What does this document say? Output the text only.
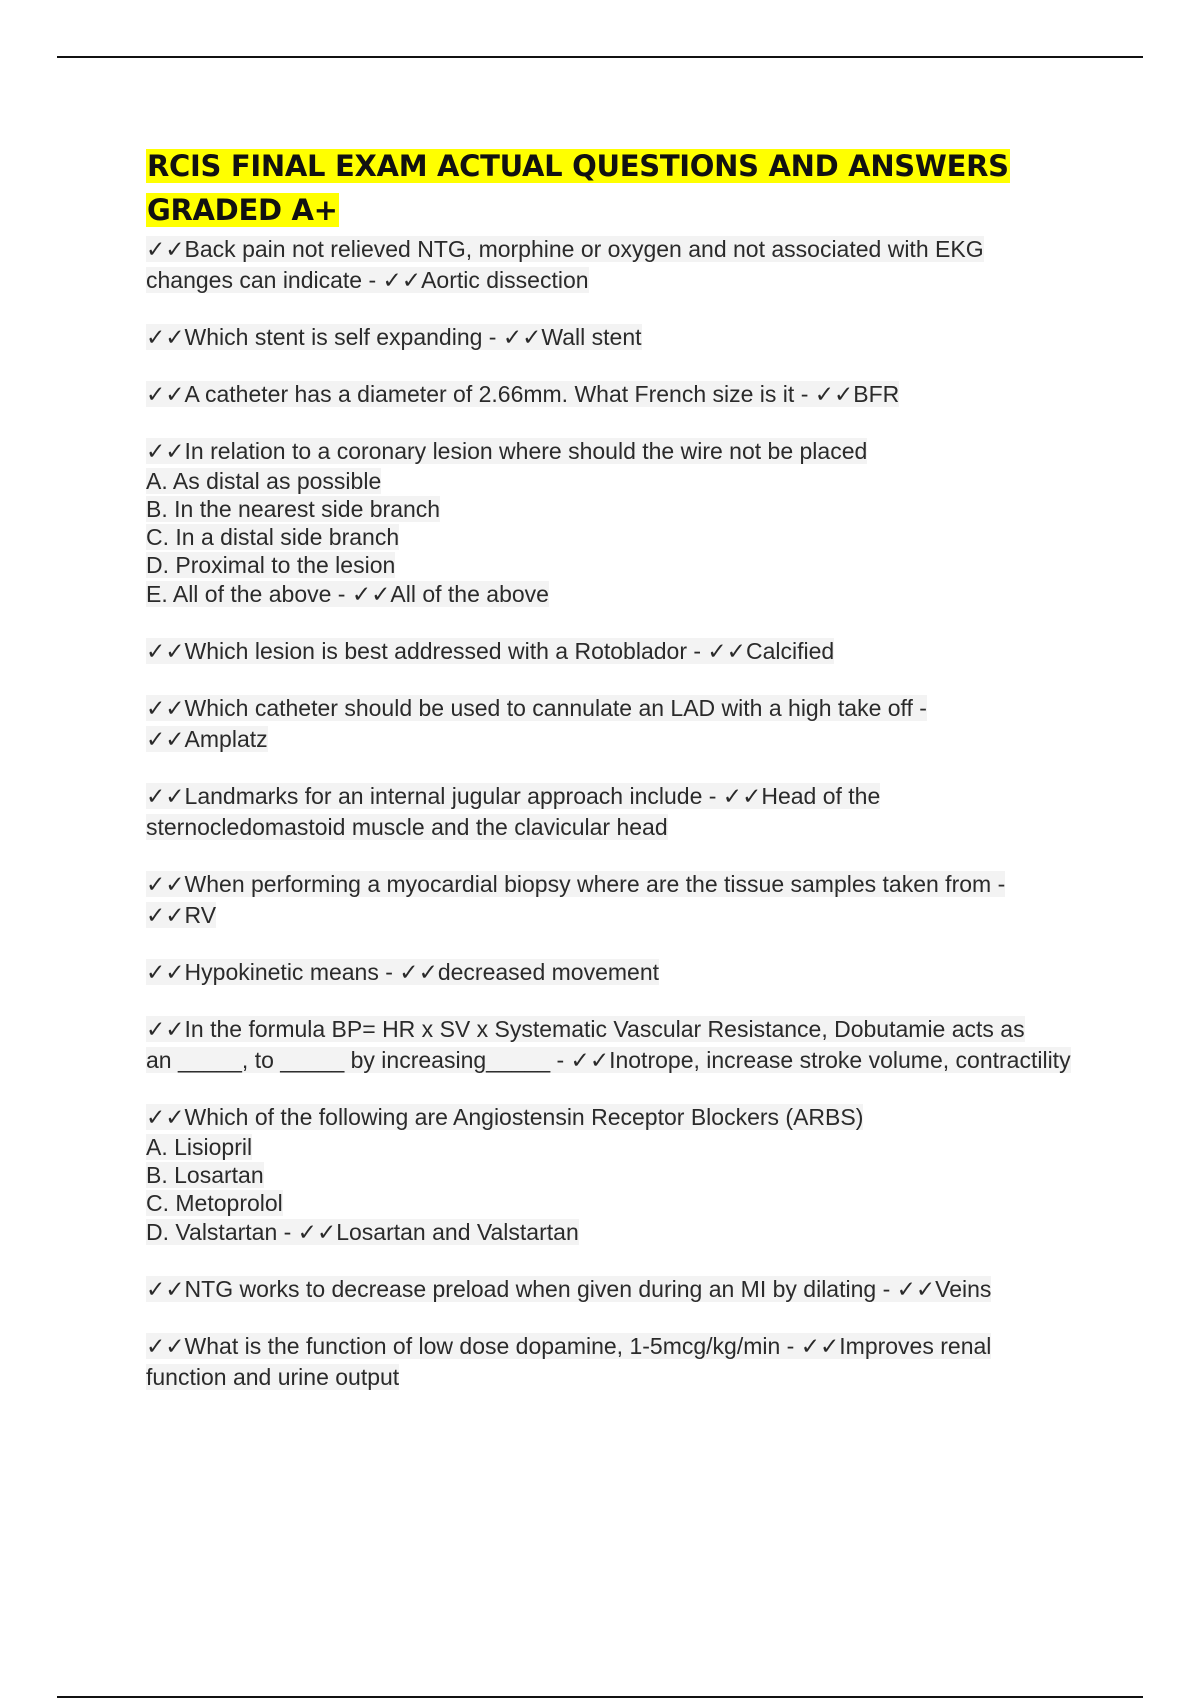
RCIS FINAL EXAM ACTUAL QUESTIONS AND ANSWERS
GRADED A+
✓✓Back pain not relieved NTG, morphine or oxygen and not associated with EKG
changes can indicate - ✓✓Aortic dissection
✓✓Which stent is self expanding - ✓✓Wall stent
✓✓A catheter has a diameter of 2.66mm. What French size is it - ✓✓BFR
✓✓In relation to a coronary lesion where should the wire not be placed
A. As distal as possible
B. In the nearest side branch
C. In a distal side branch
D. Proximal to the lesion
E. All of the above - ✓✓All of the above
✓✓Which lesion is best addressed with a Rotoblador - ✓✓Calcified
✓✓Which catheter should be used to cannulate an LAD with a high take off -
✓✓Amplatz
✓✓Landmarks for an internal jugular approach include - ✓✓Head of the
sternocledomastoid muscle and the clavicular head
✓✓When performing a myocardial biopsy where are the tissue samples taken from -
✓✓RV
✓✓Hypokinetic means - ✓✓decreased movement
✓✓In the formula BP= HR x SV x Systematic Vascular Resistance, Dobutamie acts as
an _____, to _____ by increasing_____ - ✓✓Inotrope, increase stroke volume, contractility
✓✓Which of the following are Angiostensin Receptor Blockers (ARBS)
A. Lisiopril
B. Losartan
C. Metoprolol
D. Valstartan - ✓✓Losartan and Valstartan
✓✓NTG works to decrease preload when given during an MI by dilating - ✓✓Veins
✓✓What is the function of low dose dopamine, 1-5mcg/kg/min - ✓✓Improves renal
function and urine output
